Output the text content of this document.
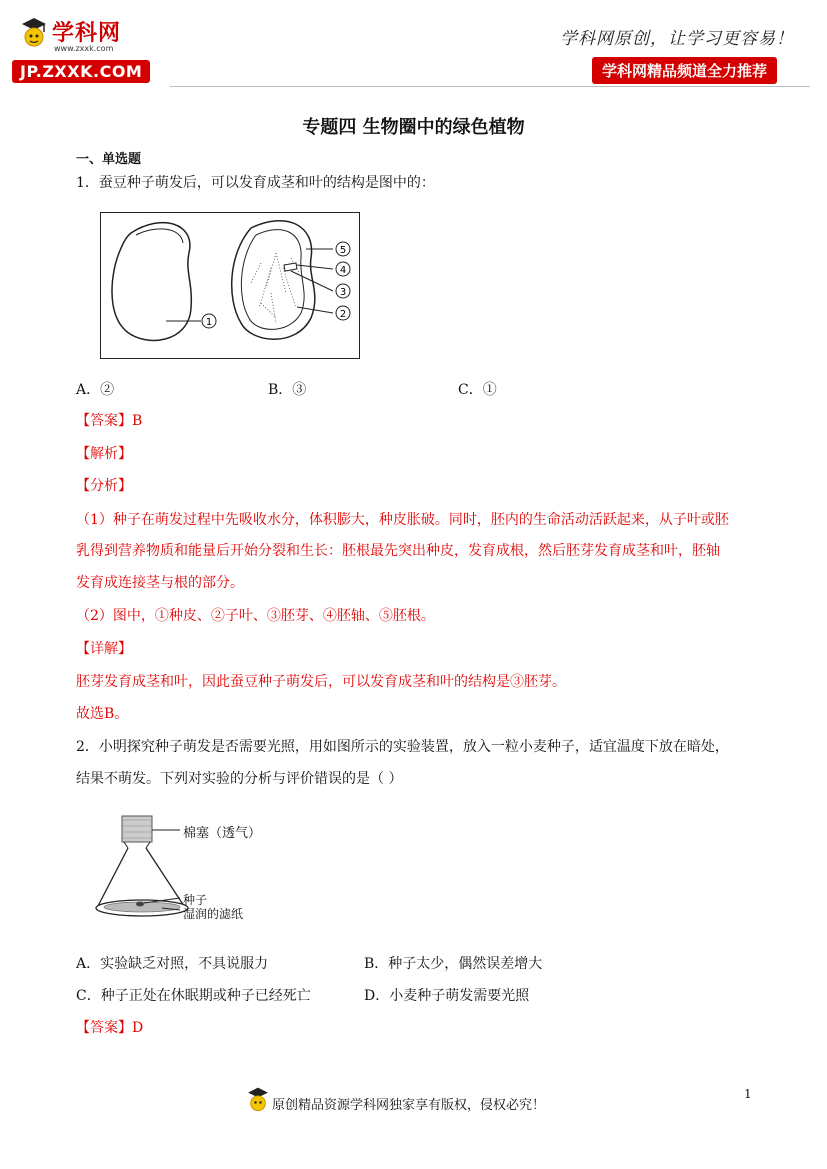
学科网
www.zxxk.com
JP.ZXXK.COM
学科网原创，让学习更容易！
学科网精品频道全力推荐
专题四 生物圈中的绿色植物
一、单选题
1．蚕豆种子萌发后，可以发育成茎和叶的结构是图中的：
1
5
4
3
2
A．②	B．③	C．①
【答案】B
【解析】
【分析】
（1）种子在萌发过程中先吸收水分，体积膨大，种皮胀破。同时，胚内的生命活动活跃起来，从子叶或胚
乳得到营养物质和能量后开始分裂和生长：胚根最先突出种皮，发育成根，然后胚芽发育成茎和叶，胚轴
发育成连接茎与根的部分。
（2）图中，①种皮、②子叶、③胚芽、④胚轴、⑤胚根。
【详解】
胚芽发育成茎和叶，因此蚕豆种子萌发后，可以发育成茎和叶的结构是③胚芽。
故选B。
2．小明探究种子萌发是否需要光照，用如图所示的实验装置，放入一粒小麦种子，适宜温度下放在暗处，
结果不萌发。下列对实验的分析与评价错误的是（ ）
棉塞（透气）
种子
湿润的滤纸
A．实验缺乏对照，不具说服力	B．种子太少，偶然误差增大
C．种子正处在休眠期或种子已经死亡	D．小麦种子萌发需要光照
【答案】D
1
原创精品资源学科网独家享有版权，侵权必究！
